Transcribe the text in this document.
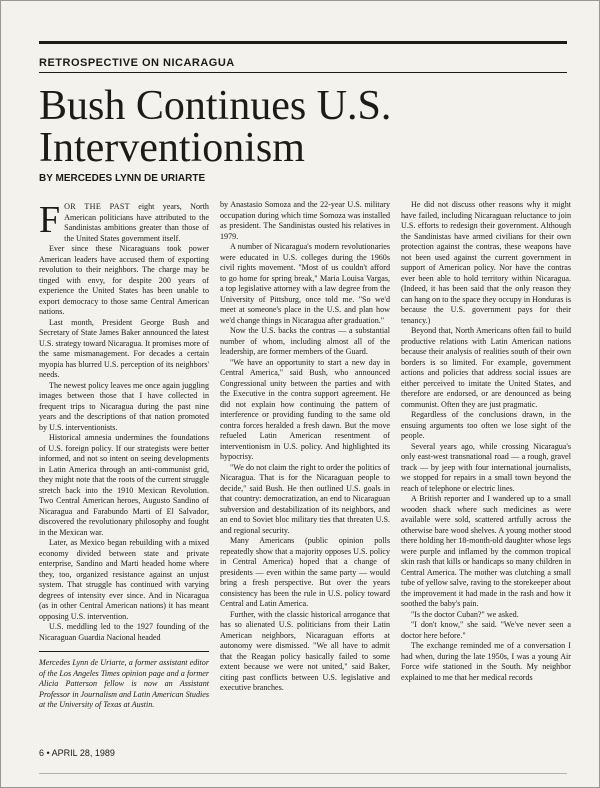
RETROSPECTIVE ON NICARAGUA
Bush Continues U.S. Interventionism
BY MERCEDES LYNN DE URIARTE

FOR THE PAST eight years, North American politicians have attributed to the Sandinistas ambitions greater than those of the United States government itself.

Ever since these Nicaraguans took power American leaders have accused them of exporting revolution to their neighbors. The charge may be tinged with envy, for despite 200 years of experience the United States has been unable to export democracy to those same Central American nations.

Last month, President George Bush and Secretary of State James Baker announced the latest U.S. strategy toward Nicaragua. It promises more of the same mismanagement. For decades a certain myopia has blurred U.S. perception of its neighbors' needs.

The newest policy leaves me once again juggling images between those that I have collected in frequent trips to Nicaragua during the past nine years and the descriptions of that nation promoted by U.S. interventionists.

Historical amnesia undermines the foundations of U.S. foreign policy. If our strategists were better informed, and not so intent on seeing developments in Latin America through an anti-communist grid, they might note that the roots of the current struggle stretch back into the 1910 Mexican Revolution. Two Central American heroes, Augusto Sandino of Nicaragua and Farabundo Marti of El Salvador, discovered the revolutionary philosophy and fought in the Mexican war.

Later, as Mexico began rebuilding with a mixed economy divided between state and private enterprise, Sandino and Marti headed home where they, too, organized resistance against an unjust system. That struggle has continued with varying degrees of intensity ever since. And in Nicaragua (as in other Central American nations) it has meant opposing U.S. intervention.

U.S. meddling led to the 1927 founding of the Nicaraguan Guardia Nacional headed

Mercedes Lynn de Uriarte, a former assistant editor of the Los Angeles Times opinion page and a former Alicia Patterson fellow is now an Assistant Professor in Journalism and Latin American Studies at the University of Texas at Austin.

by Anastasio Somoza and the 22-year U.S. military occupation during which time Somoza was installed as president. The Sandinistas ousted his relatives in 1979.

A number of Nicaragua's modern revolutionaries were educated in U.S. colleges during the 1960s civil rights movement. "Most of us couldn't afford to go home for spring break," Maria Louisa Vargas, a top legislative attorney with a law degree from the University of Pittsburg, once told me. "So we'd meet at someone's place in the U.S. and plan how we'd change things in Nicaragua after graduation."

Now the U.S. backs the contras — a substantial number of whom, including almost all of the leadership, are former members of the Guard.

"We have an opportunity to start a new day in Central America," said Bush, who announced Congressional unity between the parties and with the Executive in the contra support agreement. He did not explain how continuing the pattern of interference or providing funding to the same old contra forces heralded a fresh dawn. But the move refueled Latin American resentment of interventionism in U.S. policy. And highlighted its hypocrisy.

"We do not claim the right to order the politics of Nicaragua. That is for the Nicaraguan people to decide," said Bush. He then outlined U.S. goals in that country: democratization, an end to Nicaraguan subversion and destabilization of its neighbors, and an end to Soviet bloc military ties that threaten U.S. and regional security.

Many Americans (public opinion polls repeatedly show that a majority opposes U.S. policy in Central America) hoped that a change of presidents — even within the same party — would bring a fresh perspective. But over the years consistency has been the rule in U.S. policy toward Central and Latin America.

Further, with the classic historical arrogance that has so alienated U.S. politicians from their Latin American neighbors, Nicaraguan efforts at autonomy were dismissed. "We all have to admit that the Reagan policy basically failed to some extent because we were not united," said Baker, citing past conflicts between U.S. legislative and executive branches.

He did not discuss other reasons why it might have failed, including Nicaraguan reluctance to join U.S. efforts to redesign their government. Although the Sandinistas have armed civilians for their own protection against the contras, these weapons have not been used against the current government in support of American policy. Nor have the contras ever been able to hold territory within Nicaragua. (Indeed, it has been said that the only reason they can hang on to the space they occupy in Honduras is because the U.S. government pays for their tenancy.)

Beyond that, North Americans often fail to build productive relations with Latin American nations because their analysis of realities south of their own borders is so limited. For example, government actions and policies that address social issues are either perceived to imitate the United States, and therefore are endorsed, or are denounced as being communist. Often they are just pragmatic.

Regardless of the conclusions drawn, in the ensuing arguments too often we lose sight of the people.

Several years ago, while crossing Nicaragua's only east-west transnational road — a rough, gravel track — by jeep with four international journalists, we stopped for repairs in a small town beyond the reach of telephone or electric lines.

A British reporter and I wandered up to a small wooden shack where such medicines as were available were sold, scattered artfully across the otherwise bare wood shelves. A young mother stood there holding her 18-month-old daughter whose legs were purple and inflamed by the common tropical skin rash that kills or handicaps so many children in Central America. The mother was clutching a small tube of yellow salve, raving to the storekeeper about the improvement it had made in the rash and how it soothed the baby's pain.

"Is the doctor Cuban?" we asked.

"I don't know," she said. "We've never seen a doctor here before."

The exchange reminded me of a conversation I had when, during the late 1950s, I was a young Air Force wife stationed in the South. My neighbor explained to me that her medical records

6 • APRIL 28, 1989
